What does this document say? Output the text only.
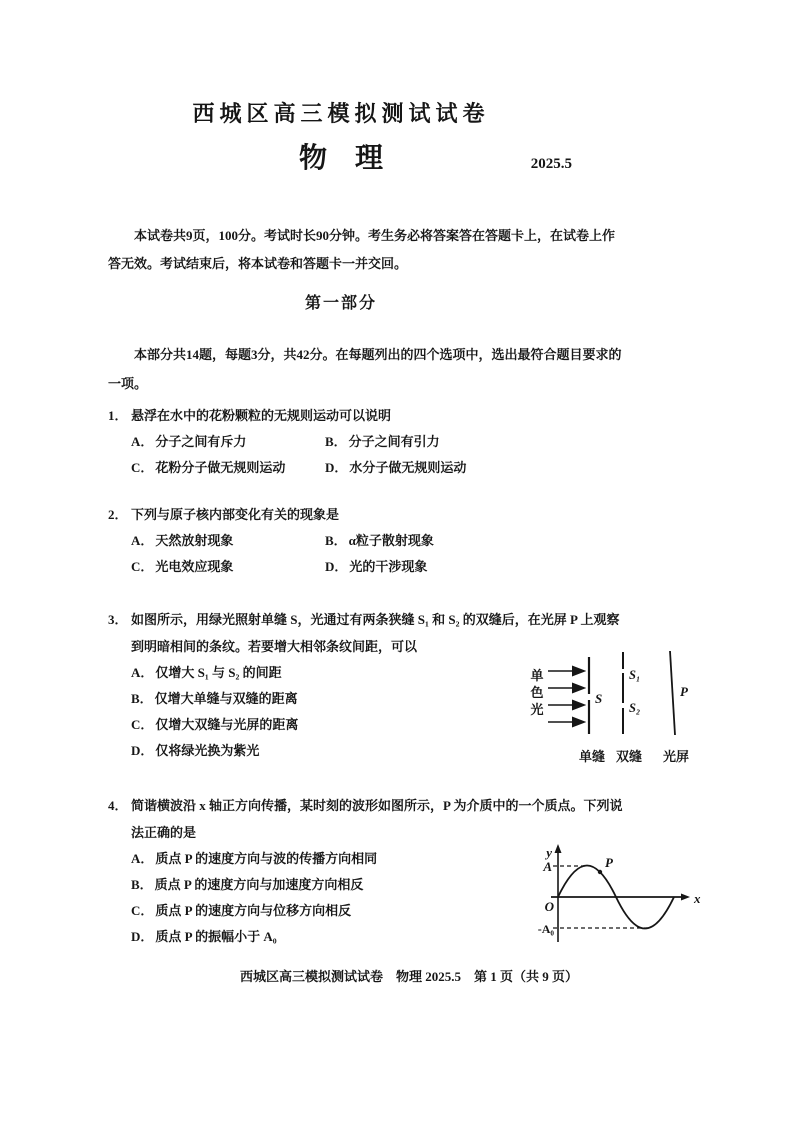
西城区高三模拟测试试卷
物　理	2025.5
本试卷共9页，100分。考试时长90分钟。考生务必将答案答在答题卡上，在试卷上作
答无效。考试结束后，将本试卷和答题卡一并交回。
第一部分
本部分共14题，每题3分，共42分。在每题列出的四个选项中，选出最符合题目要求的
一项。
1． 悬浮在水中的花粉颗粒的无规则运动可以说明
A． 分子之间有斥力	B． 分子之间有引力
C． 花粉分子做无规则运动	D． 水分子做无规则运动
2． 下列与原子核内部变化有关的现象是
A． 天然放射现象	B． α粒子散射现象
C． 光电效应现象	D． 光的干涉现象
3． 如图所示，用绿光照射单缝 S，光通过有两条狭缝 S₁ 和 S₂ 的双缝后，在光屏 P 上观察
到明暗相间的条纹。若要增大相邻条纹间距，可以
A． 仅增大 S₁ 与 S₂ 的间距
B． 仅增大单缝与双缝的距离
C． 仅增大双缝与光屏的距离
D． 仅将绿光换为紫光
4． 简谐横波沿 x 轴正方向传播，某时刻的波形如图所示，P 为介质中的一个质点。下列说
法正确的是
A． 质点 P 的速度方向与波的传播方向相同
B． 质点 P 的速度方向与加速度方向相反
C． 质点 P 的速度方向与位移方向相反
D． 质点 P 的振幅小于 A₀
单
色
光
S
S₁
S₂
P
单缝 双缝 光屏
y
x
O
A
-A₀
P
西城区高三模拟测试试卷　物理 2025.5　第 1 页（共 9 页）
